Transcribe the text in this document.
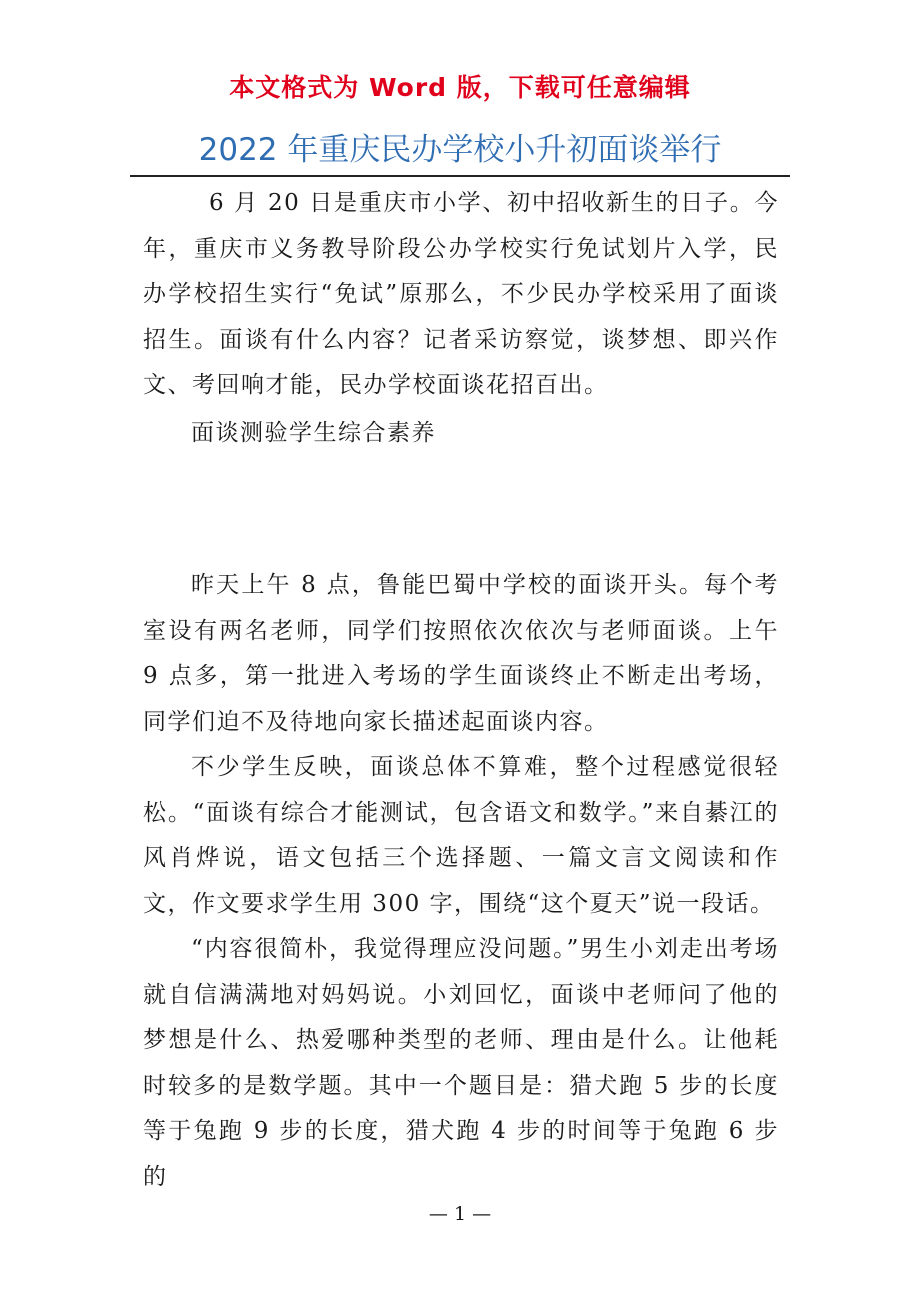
本文格式为 Word 版，下载可任意编辑
2022 年重庆民办学校小升初面谈举行

6 月 20 日是重庆市小学、初中招收新生的日子。今年，重庆市义务教导阶段公办学校实行免试划片入学，民办学校招生实行“免试”原那么，不少民办学校采用了面谈招生。面谈有什么内容？记者采访察觉，谈梦想、即兴作文、考回响才能，民办学校面谈花招百出。

面谈测验学生综合素养

昨天上午 8 点，鲁能巴蜀中学校的面谈开头。每个考室设有两名老师，同学们按照依次依次与老师面谈。上午 9 点多，第一批进入考场的学生面谈终止不断走出考场，同学们迫不及待地向家长描述起面谈内容。

不少学生反映，面谈总体不算难，整个过程感觉很轻松。“面谈有综合才能测试，包含语文和数学。”来自綦江的风肖烨说，语文包括三个选择题、一篇文言文阅读和作文，作文要求学生用 300 字，围绕“这个夏天”说一段话。

“内容很简朴，我觉得理应没问题。”男生小刘走出考场就自信满满地对妈妈说。小刘回忆，面谈中老师问了他的梦想是什么、热爱哪种类型的老师、理由是什么。让他耗时较多的是数学题。其中一个题目是：猎犬跑 5 步的长度等于兔跑 9 步的长度，猎犬跑 4 步的时间等于兔跑 6 步的

— 1 —
